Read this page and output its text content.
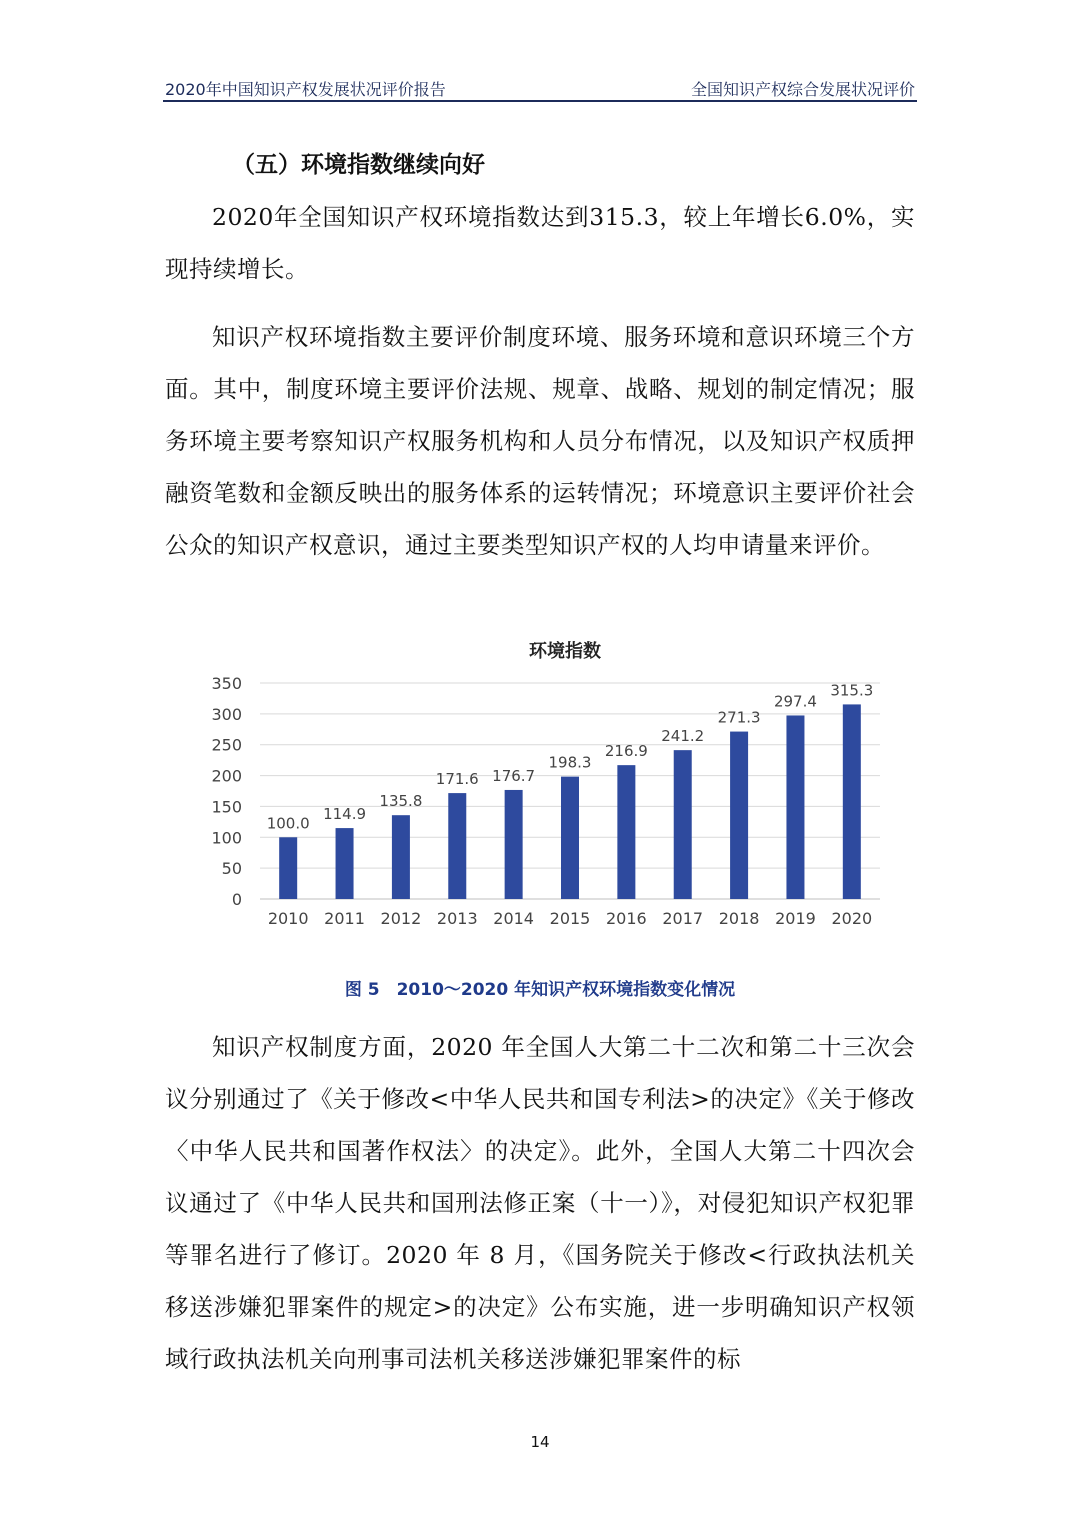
2020年中国知识产权发展状况评价报告	全国知识产权综合发展状况评价
（五）环境指数继续向好

2020年全国知识产权环境指数达到315.3，较上年增长6.0%，实现持续增长。

知识产权环境指数主要评价制度环境、服务环境和意识环境三个方面。其中，制度环境主要评价法规、规章、战略、规划的制定情况；服务环境主要考察知识产权服务机构和人员分布情况，以及知识产权质押融资笔数和金额反映出的服务体系的运转情况；环境意识主要评价社会公众的知识产权意识，通过主要类型知识产权的人均申请量来评价。

环境指数
0
50
100
150
200
250
300
350
100.0
114.9
135.8
171.6 176.7
198.3
216.9
241.2
271.3
297.4
315.3
2010 2011 2012 2013 2014 2015 2016 2017 2018 2019 2020
图 5　2010～2020 年知识产权环境指数变化情况

知识产权制度方面，2020 年全国人大第二十二次和第二十三次会议分别通过了《关于修改<中华人民共和国专利法>的决定》《关于修改〈中华人民共和国著作权法〉的决定》。此外，全国人大第二十四次会议通过了《中华人民共和国刑法修正案（十一）》，对侵犯知识产权犯罪等罪名进行了修订。2020 年 8 月，《国务院关于修改<行政执法机关移送涉嫌犯罪案件的规定>的决定》公布实施，进一步明确知识产权领域行政执法机关向刑事司法机关移送涉嫌犯罪案件的标

14
